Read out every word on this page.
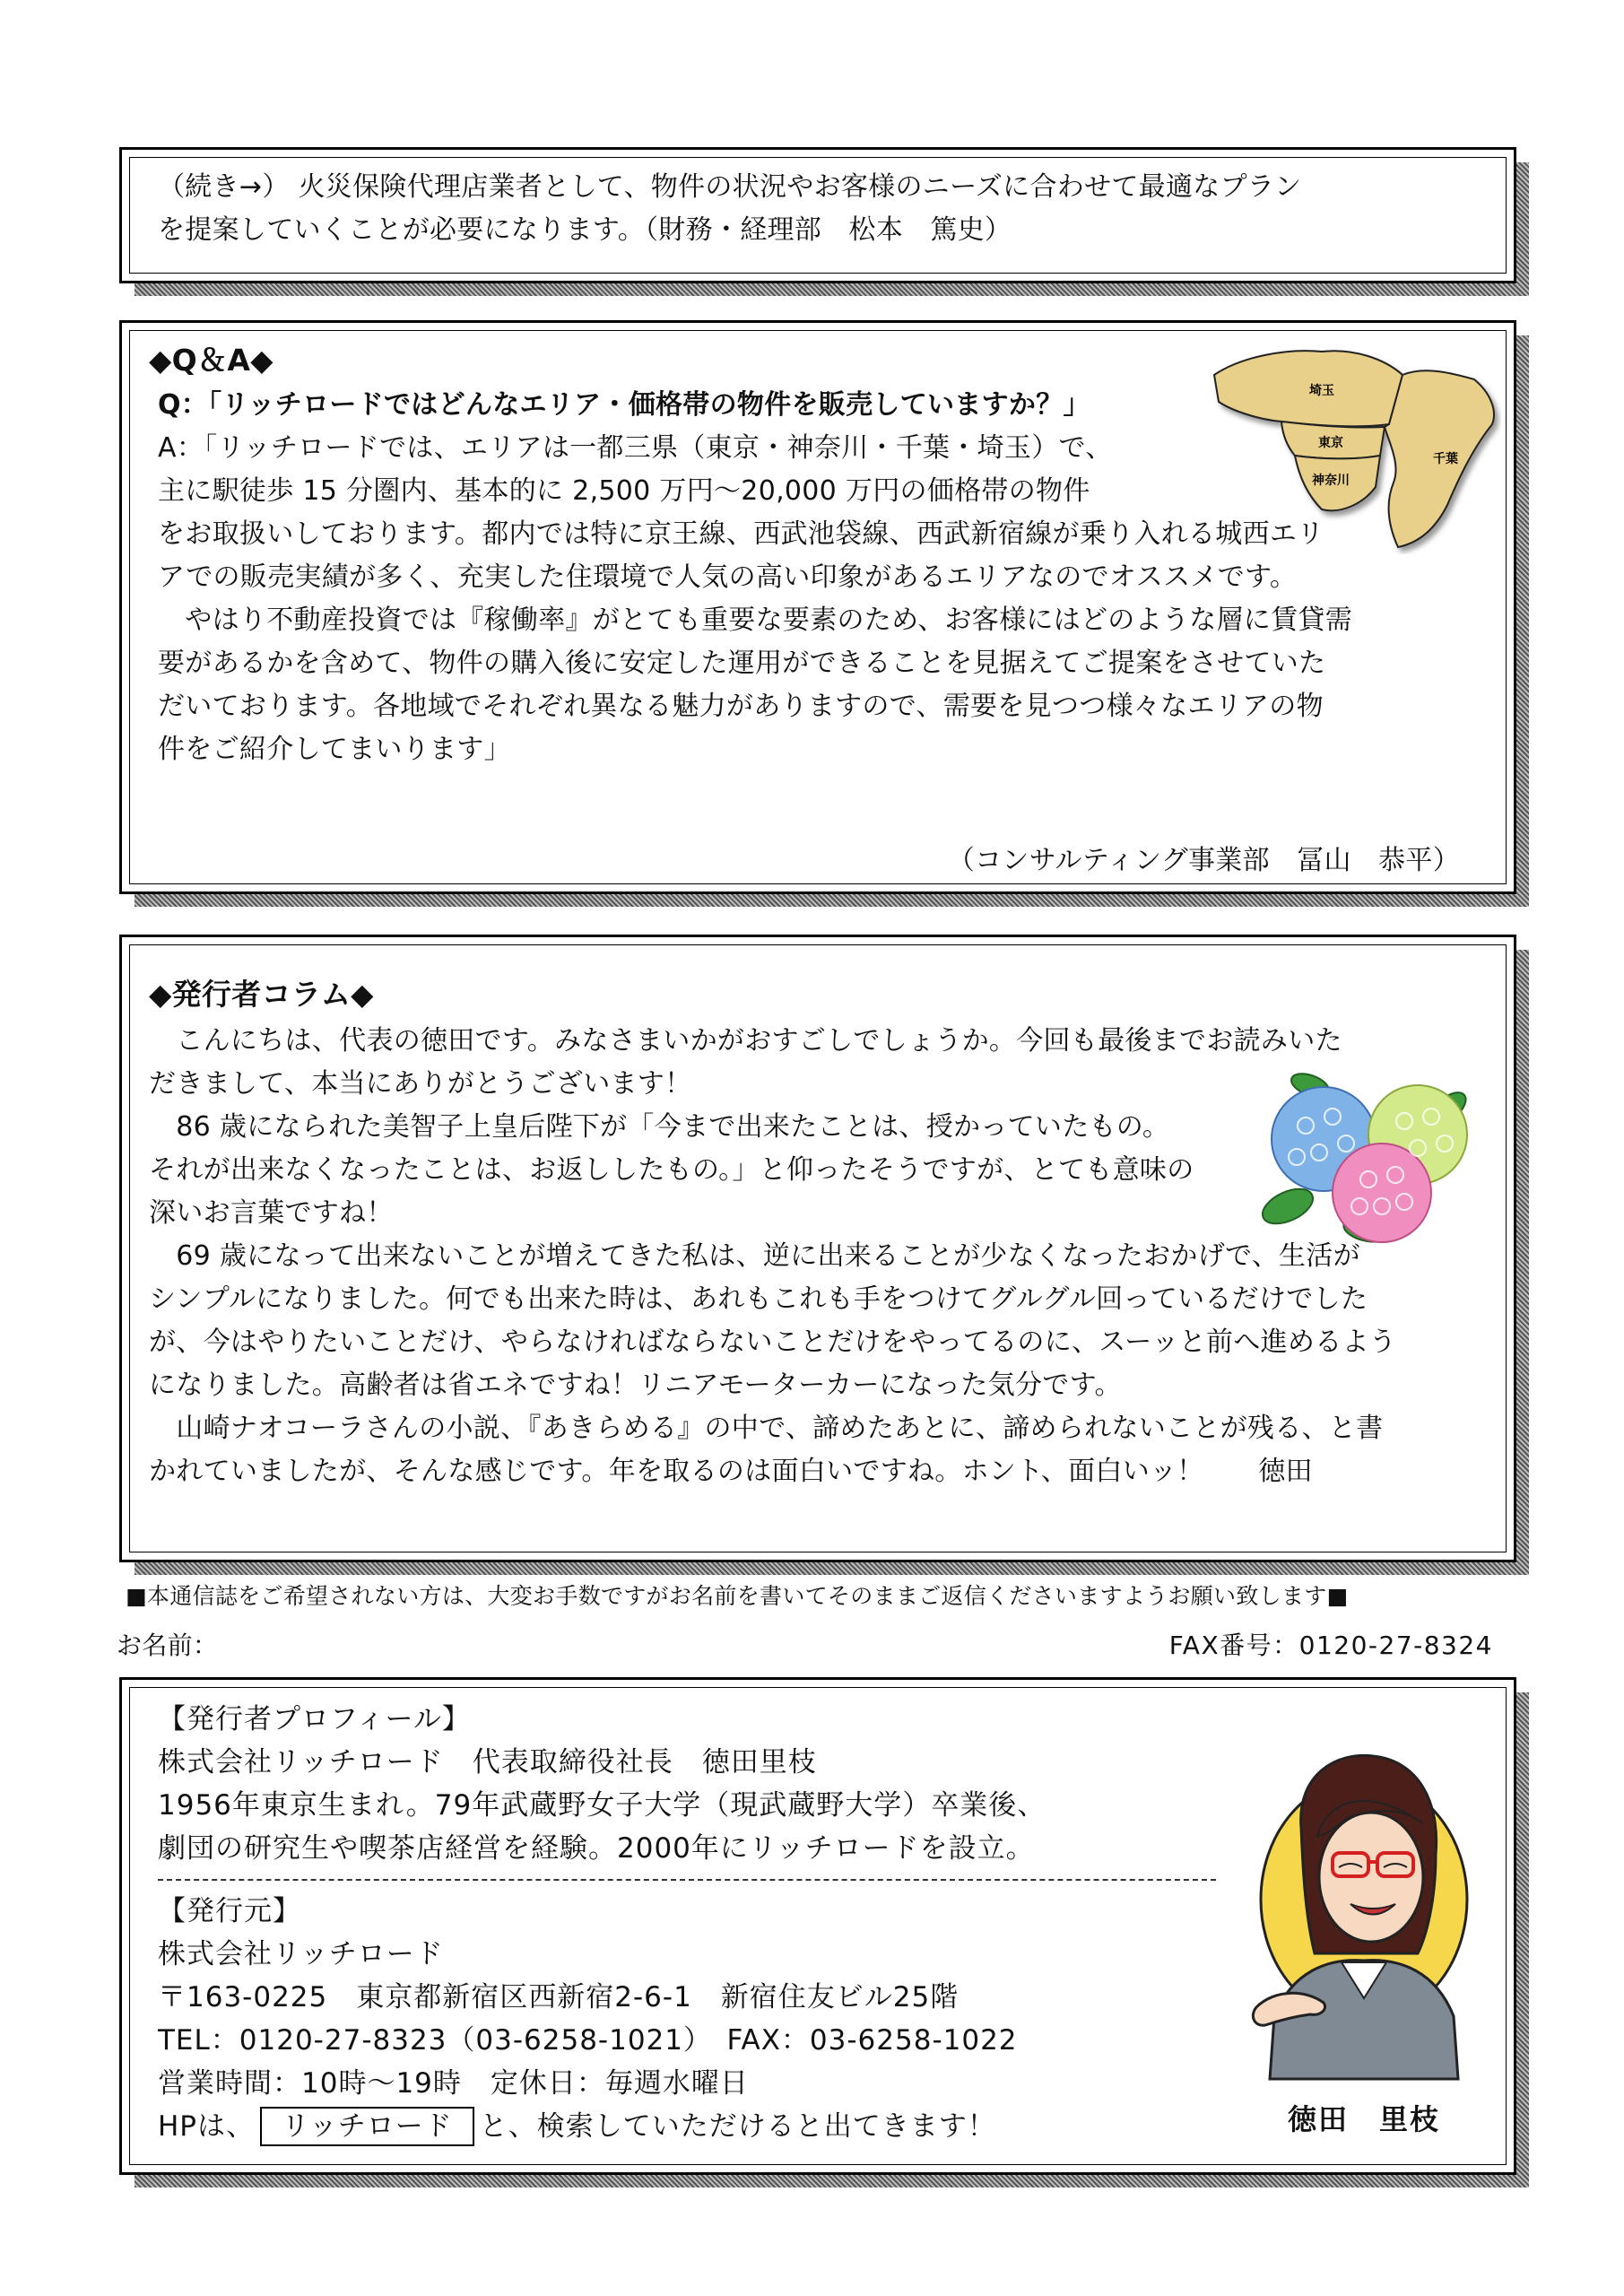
（続き→） 火災保険代理店業者として、物件の状況やお客様のニーズに合わせて最適なプラン
を提案していくことが必要になります。（財務・経理部　松本　篤史）
◆Q＆A◆
Q：「リッチロードではどんなエリア・価格帯の物件を販売していますか？」
A：「リッチロードでは、エリアは一都三県（東京・神奈川・千葉・埼玉）で、
主に駅徒歩 15 分圏内、基本的に 2,500 万円～20,000 万円の価格帯の物件
をお取扱いしております。都内では特に京王線、西武池袋線、西武新宿線が乗り入れる城西エリ
アでの販売実績が多く、充実した住環境で人気の高い印象があるエリアなのでオススメです。
　やはり不動産投資では『稼働率』がとても重要な要素のため、お客様にはどのような層に賃貸需
要があるかを含めて、物件の購入後に安定した運用ができることを見据えてご提案をさせていた
だいております。各地域でそれぞれ異なる魅力がありますので、需要を見つつ様々なエリアの物
件をご紹介してまいります」
（コンサルティング事業部　冨山　恭平）
埼玉
東京
神奈川
千葉
◆発行者コラム◆
　こんにちは、代表の徳田です。みなさまいかがおすごしでしょうか。今回も最後までお読みいた
だきまして、本当にありがとうございます！
　86 歳になられた美智子上皇后陛下が「今まで出来たことは、授かっていたもの。
それが出来なくなったことは、お返ししたもの。」と仰ったそうですが、とても意味の
深いお言葉ですね！
　69 歳になって出来ないことが増えてきた私は、逆に出来ることが少なくなったおかげで、生活が
シンプルになりました。何でも出来た時は、あれもこれも手をつけてグルグル回っているだけでした
が、今はやりたいことだけ、やらなければならないことだけをやってるのに、スーッと前へ進めるよう
になりました。高齢者は省エネですね！リニアモーターカーになった気分です。
　山崎ナオコーラさんの小説、『あきらめる』の中で、諦めたあとに、諦められないことが残る、と書
かれていましたが、そんな感じです。年を取るのは面白いですね。ホント、面白いッ！　　徳田
■本通信誌をご希望されない方は、大変お手数ですがお名前を書いてそのままご返信くださいますようお願い致します■
お名前：	FAX番号：0120-27-8324
【発行者プロフィール】
株式会社リッチロード　代表取締役社長　徳田里枝
1956年東京生まれ。79年武蔵野女子大学（現武蔵野大学）卒業後、
劇団の研究生や喫茶店経営を経験。2000年にリッチロードを設立。
【発行元】
株式会社リッチロード
〒163-0225　東京都新宿区西新宿2-6-1　新宿住友ビル25階
TEL：0120-27-8323（03-6258-1021）　FAX：03-6258-1022
営業時間：10時～19時　定休日：毎週水曜日
HPは、 リッチロード と、検索していただけると出てきます！	徳田　里枝
